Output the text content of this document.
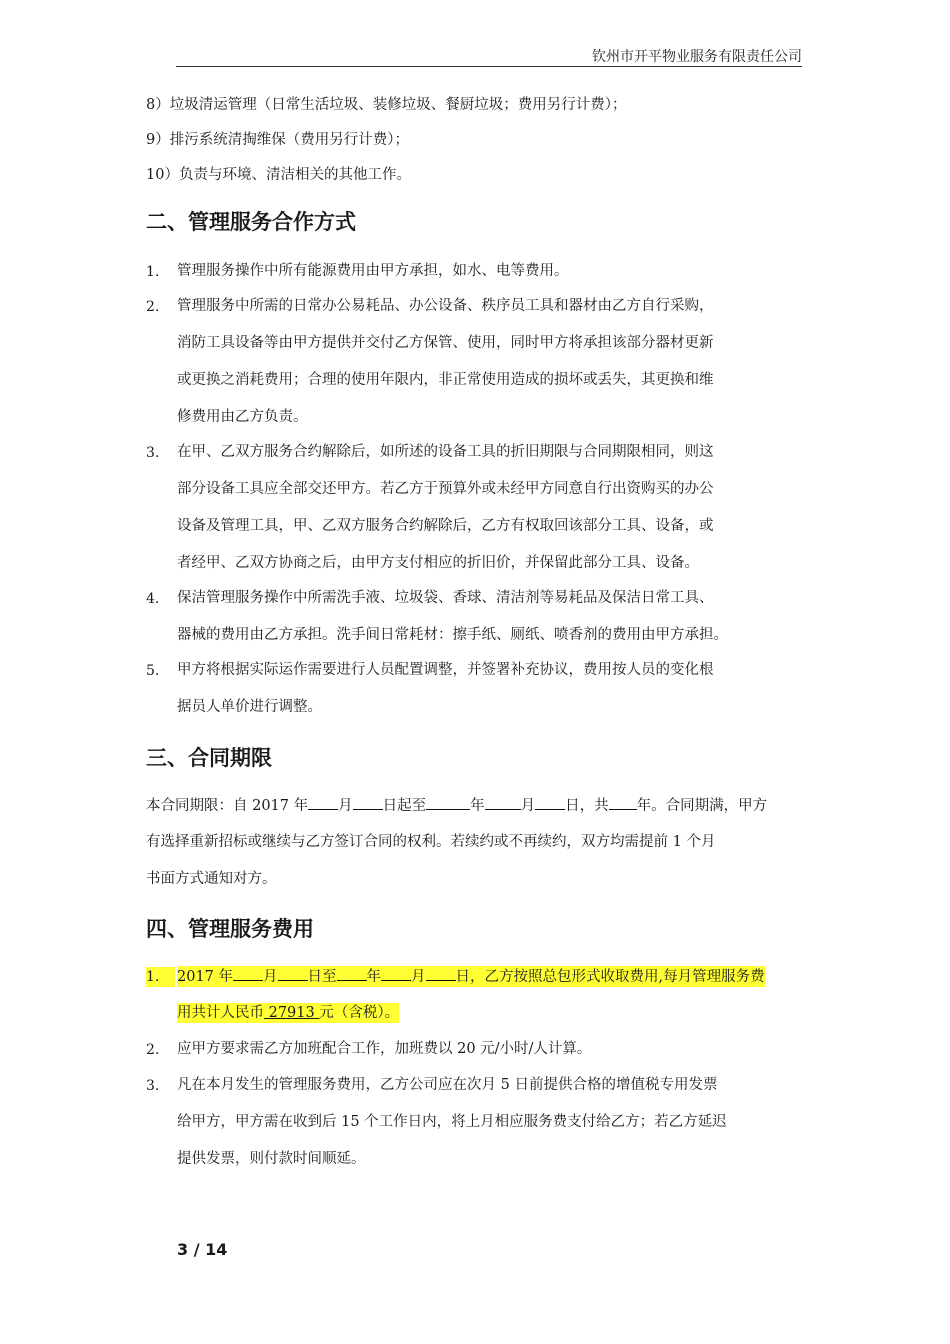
钦州市开平物业服务有限责任公司
8）垃圾清运管理（日常生活垃圾、装修垃圾、餐厨垃圾；费用另行计费）；
9）排污系统清掏维保（费用另行计费）；
10）负责与环境、清洁相关的其他工作。
二、管理服务合作方式
1. 管理服务操作中所有能源费用由甲方承担，如水、电等费用。
2. 管理服务中所需的日常办公易耗品、办公设备、秩序员工具和器材由乙方自行采购，
消防工具设备等由甲方提供并交付乙方保管、使用，同时甲方将承担该部分器材更新
或更换之消耗费用；合理的使用年限内，非正常使用造成的损坏或丢失，其更换和维
修费用由乙方负责。
3. 在甲、乙双方服务合约解除后，如所述的设备工具的折旧期限与合同期限相同，则这
部分设备工具应全部交还甲方。若乙方于预算外或未经甲方同意自行出资购买的办公
设备及管理工具，甲、乙双方服务合约解除后，乙方有权取回该部分工具、设备，或
者经甲、乙双方协商之后，由甲方支付相应的折旧价，并保留此部分工具、设备。
4. 保洁管理服务操作中所需洗手液、垃圾袋、香球、清洁剂等易耗品及保洁日常工具、
器械的费用由乙方承担。洗手间日常耗材：擦手纸、厕纸、喷香剂的费用由甲方承担。
5. 甲方将根据实际运作需要进行人员配置调整，并签署补充协议，费用按人员的变化根
据员人单价进行调整。
三、合同期限
本合同期限：自 2017 年 月 日起至	年 月 日，共 年。合同期满，甲方
有选择重新招标或继续与乙方签订合同的权利。若续约或不再续约，双方均需提前 1 个月
书面方式通知对方。
四、管理服务费用
1.	2017 年 月 日至 年 月 日，乙方按照总包形式收取费用,每月管理服务费
用共计人民币 27913 元（含税）。
2. 应甲方要求需乙方加班配合工作，加班费以 20 元/小时/人计算。
3. 凡在本月发生的管理服务费用，乙方公司应在次月 5 日前提供合格的增值税专用发票
给甲方，甲方需在收到后 15 个工作日内，将上月相应服务费支付给乙方；若乙方延迟
提供发票，则付款时间顺延。
3 / 14
